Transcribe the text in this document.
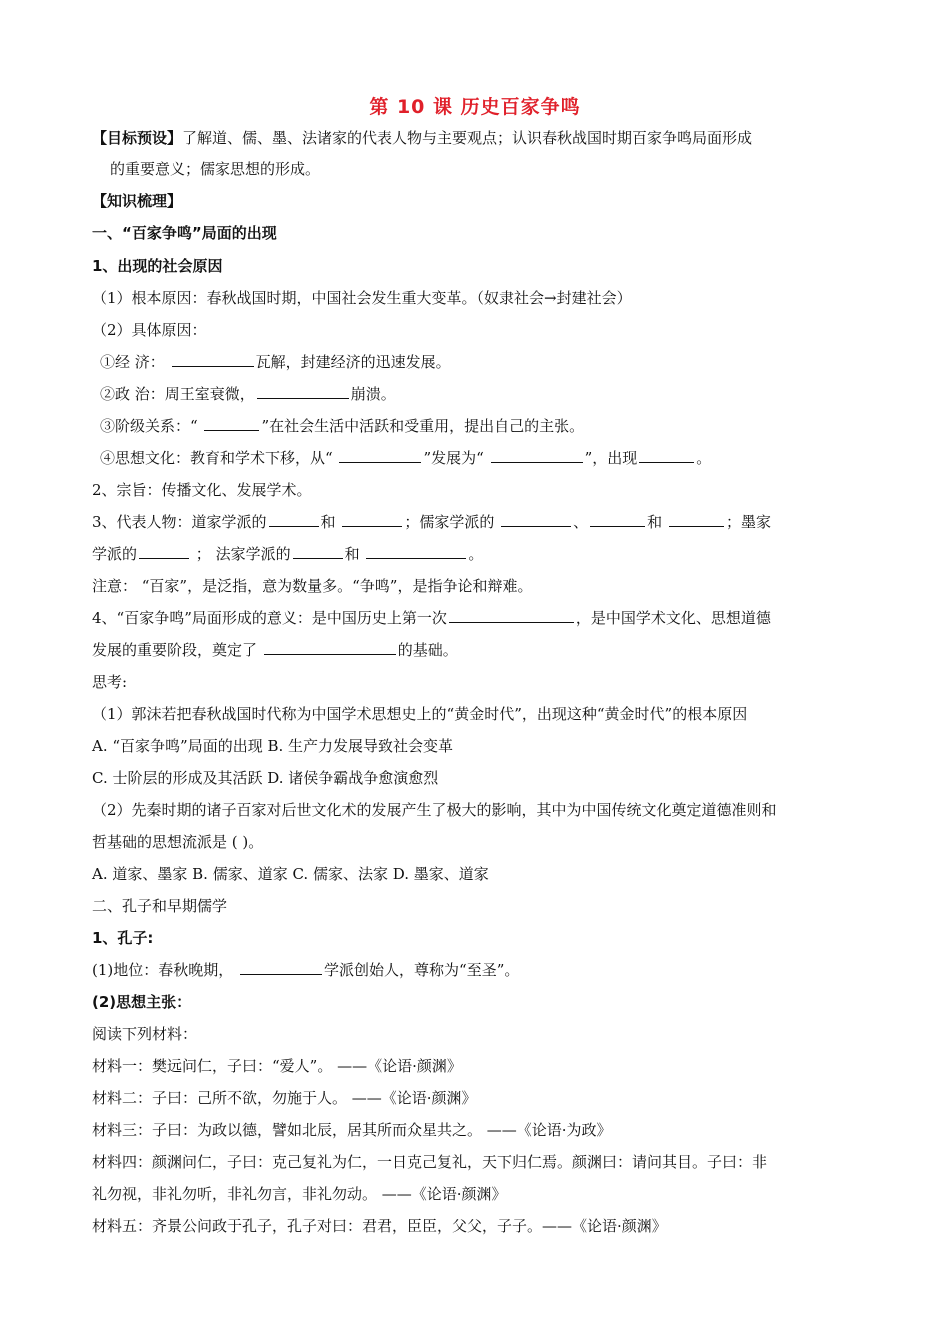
第 10 课 历史百家争鸣
【目标预设】了解道、儒、墨、法诸家的代表人物与主要观点；认识春秋战国时期百家争鸣局面形成
的重要意义；儒家思想的形成。
【知识梳理】
一、“百家争鸣”局面的出现
1、出现的社会原因
（1）根本原因：春秋战国时期，中国社会发生重大变革。（奴隶社会→封建社会）
（2）具体原因：
①经 济：	瓦解，封建经济的迅速发展。
②政 治：周王室衰微，	崩溃。
③阶级关系：“	”在社会生活中活跃和受重用，提出自己的主张。
④思想文化：教育和学术下移，从“	”发展为“	”，出现	。
2、宗旨：传播文化、发展学术。
3、代表人物：道家学派的	和	；儒家学派的	、	和	；墨家
学派的	； 法家学派的	和	。
注意： “百家”，是泛指，意为数量多。“争鸣”，是指争论和辩难。
4、“百家争鸣”局面形成的意义：是中国历史上第一次	，是中国学术文化、思想道德
发展的重要阶段，奠定了	的基础。
思考:
（1）郭沫若把春秋战国时代称为中国学术思想史上的“黄金时代”，出现这种“黄金时代”的根本原因
A. “百家争鸣”局面的出现 B. 生产力发展导致社会变革
C. 士阶层的形成及其活跃 D. 诸侯争霸战争愈演愈烈
（2）先秦时期的诸子百家对后世文化术的发展产生了极大的影响，其中为中国传统文化奠定道德准则和
哲基础的思想流派是 ( )。
A. 道家、墨家 B. 儒家、道家 C. 儒家、法家 D. 墨家、道家
二、孔子和早期儒学
1、孔子:
(1)地位：春秋晚期，	学派创始人，尊称为“至圣”。
(2)思想主张：
阅读下列材料：
材料一：樊远问仁，子曰：“爱人”。 ——《论语·颜渊》
材料二：子曰：己所不欲，勿施于人。 ——《论语·颜渊》
材料三：子曰：为政以德，譬如北辰，居其所而众星共之。 ——《论语·为政》
材料四：颜渊问仁，子曰：克己复礼为仁，一日克己复礼，天下归仁焉。颜渊曰：请问其目。子曰：非
礼勿视，非礼勿听，非礼勿言，非礼勿动。 ——《论语·颜渊》
材料五：齐景公问政于孔子，孔子对曰：君君，臣臣，父父，子子。——《论语·颜渊》
